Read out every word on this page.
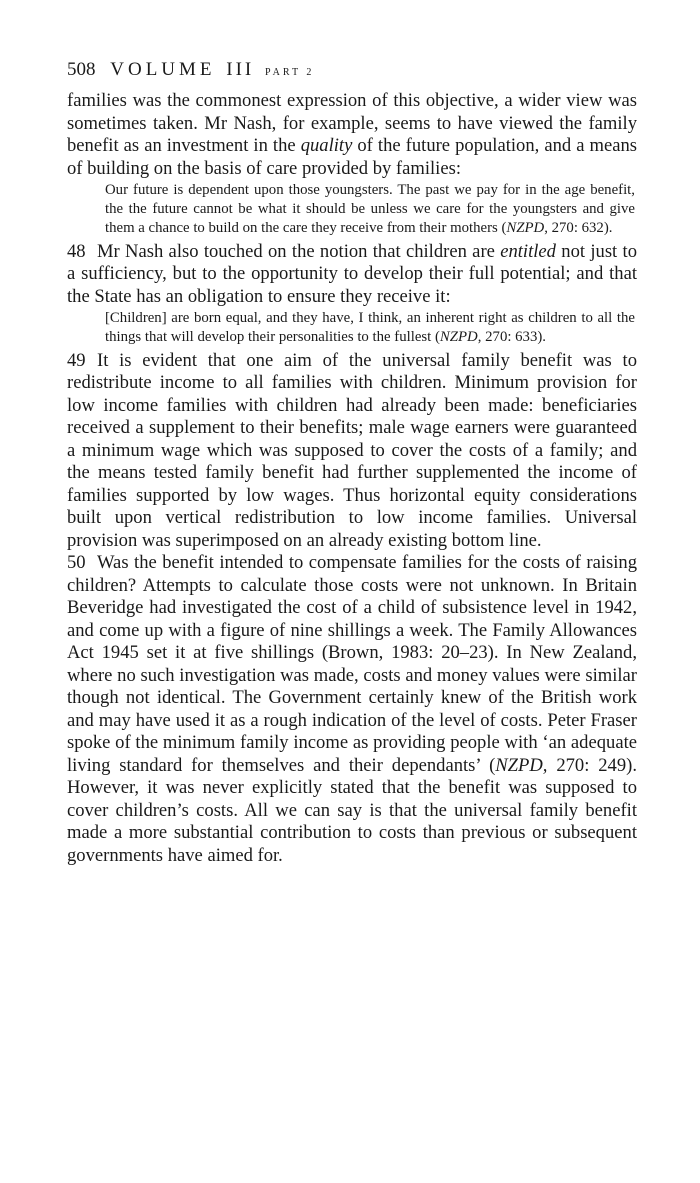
508 VOLUME III PART 2

families was the commonest expression of this objective, a wider view was sometimes taken. Mr Nash, for example, seems to have viewed the family benefit as an investment in the quality of the future population, and a means of building on the basis of care provided by families:

Our future is dependent upon those youngsters. The past we pay for in the age benefit, the the future cannot be what it should be unless we care for the youngsters and give them a chance to build on the care they receive from their mothers (NZPD, 270: 632).

48 Mr Nash also touched on the notion that children are entitled not just to a sufficiency, but to the opportunity to develop their full potential; and that the State has an obligation to ensure they receive it:

[Children] are born equal, and they have, I think, an inherent right as children to all the things that will develop their personalities to the fullest (NZPD, 270: 633).

49 It is evident that one aim of the universal family benefit was to redistribute income to all families with children. Minimum provision for low income families with children had already been made: beneficiaries received a supplement to their benefits; male wage earners were guaranteed a minimum wage which was supposed to cover the costs of a family; and the means tested family benefit had further supplemented the income of families supported by low wages. Thus horizontal equity considerations built upon vertical redistribution to low income families. Universal provision was superimposed on an already existing bottom line.

50 Was the benefit intended to compensate families for the costs of raising children? Attempts to calculate those costs were not unknown. In Britain Beveridge had investigated the cost of a child of subsistence level in 1942, and come up with a figure of nine shillings a week. The Family Allowances Act 1945 set it at five shillings (Brown, 1983: 20–23). In New Zealand, where no such investigation was made, costs and money values were similar though not identical. The Government certainly knew of the British work and may have used it as a rough indication of the level of costs. Peter Fraser spoke of the minimum family income as providing people with ‘an adequate living standard for themselves and their dependants’ (NZPD, 270: 249). However, it was never explicitly stated that the benefit was supposed to cover children’s costs. All we can say is that the universal family benefit made a more substantial contribution to costs than previous or subsequent governments have aimed for.
